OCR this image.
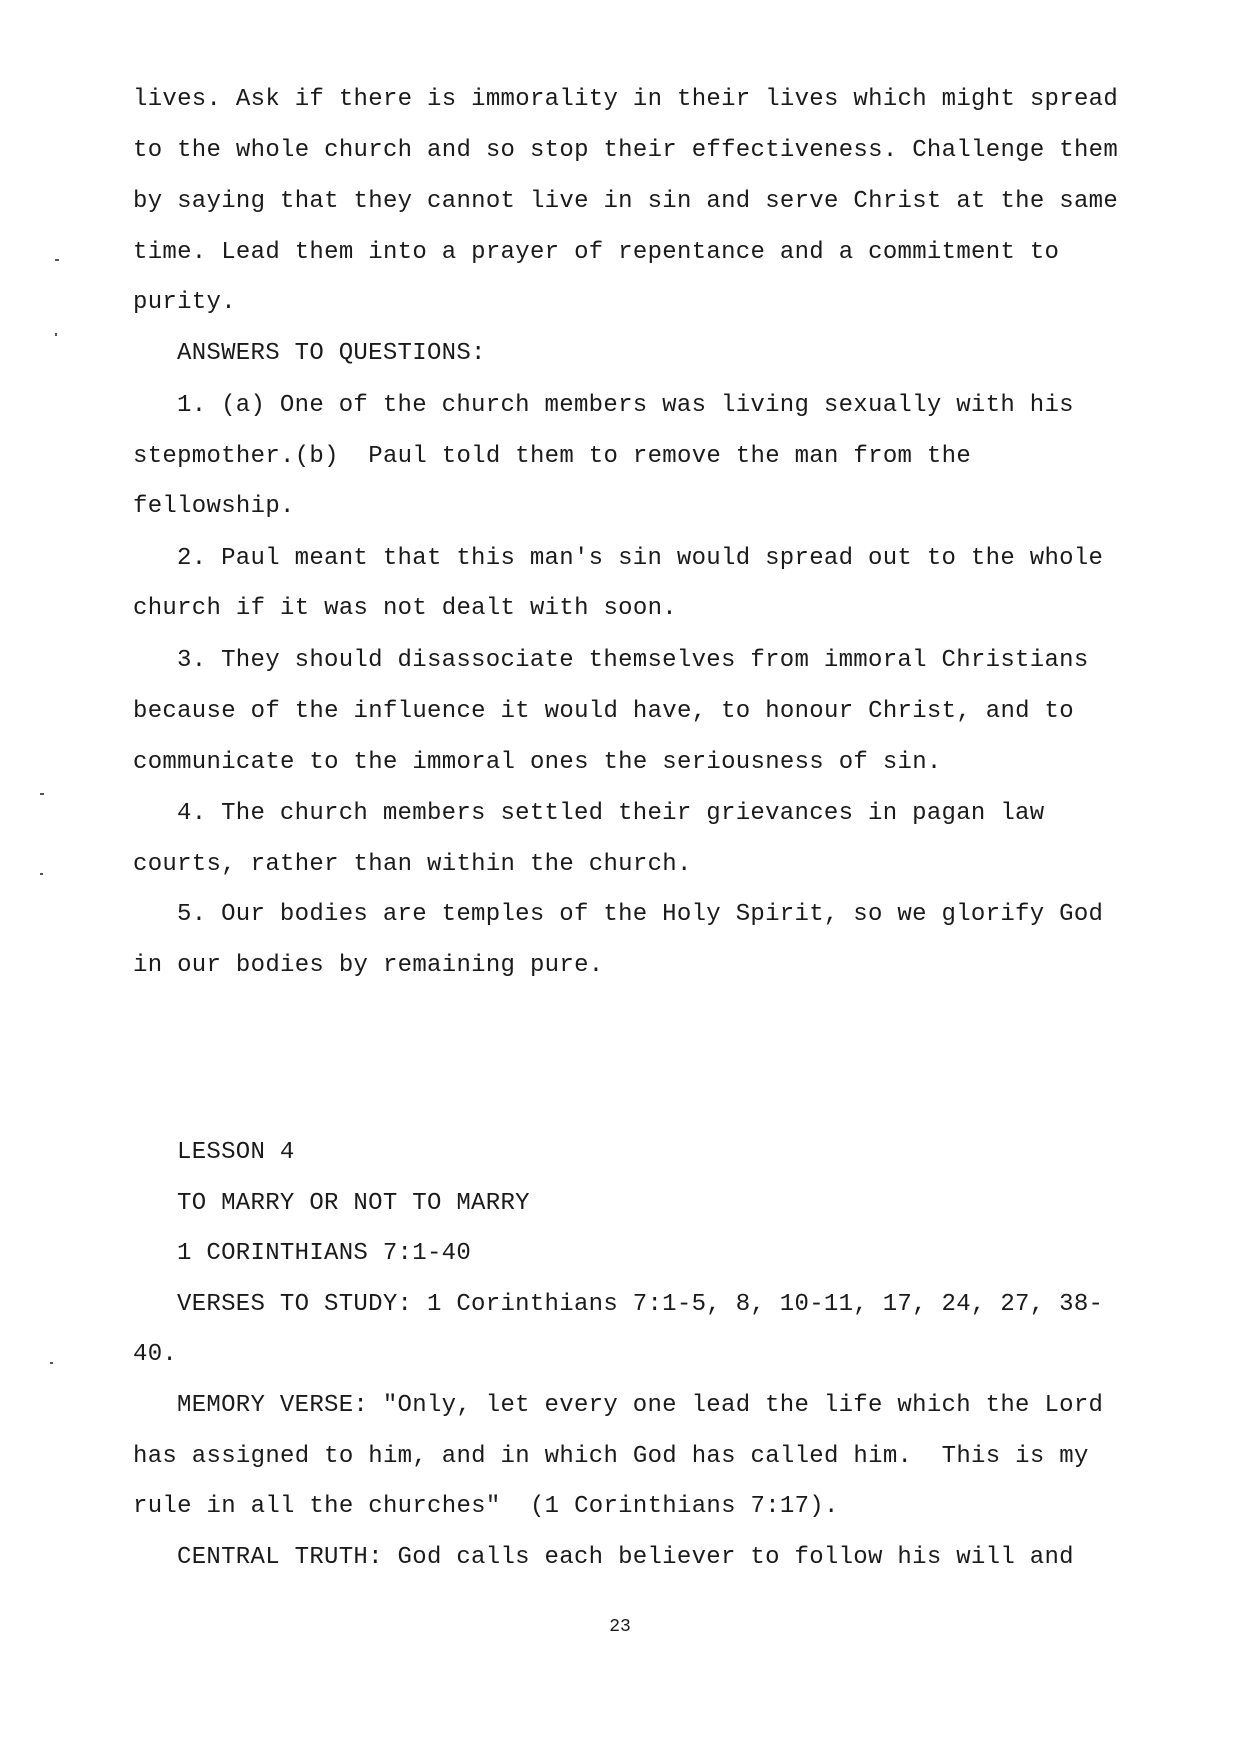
lives. Ask if there is immorality in their lives which might spread
to the whole church and so stop their effectiveness. Challenge them
by saying that they cannot live in sin and serve Christ at the same
time. Lead them into a prayer of repentance and a commitment to
purity.
ANSWERS TO QUESTIONS:
1. (a) One of the church members was living sexually with his
stepmother.(b)  Paul told them to remove the man from the
fellowship.
2. Paul meant that this man's sin would spread out to the whole
church if it was not dealt with soon.
3. They should disassociate themselves from immoral Christians
because of the influence it would have, to honour Christ, and to
communicate to the immoral ones the seriousness of sin.
4. The church members settled their grievances in pagan law
courts, rather than within the church.
5. Our bodies are temples of the Holy Spirit, so we glorify God
in our bodies by remaining pure.
LESSON 4
TO MARRY OR NOT TO MARRY
1 CORINTHIANS 7:1-40
VERSES TO STUDY: 1 Corinthians 7:1-5, 8, 10-11, 17, 24, 27, 38-
40.
MEMORY VERSE: "Only, let every one lead the life which the Lord
has assigned to him, and in which God has called him.  This is my
rule in all the churches"  (1 Corinthians 7:17).
CENTRAL TRUTH: God calls each believer to follow his will and
23
